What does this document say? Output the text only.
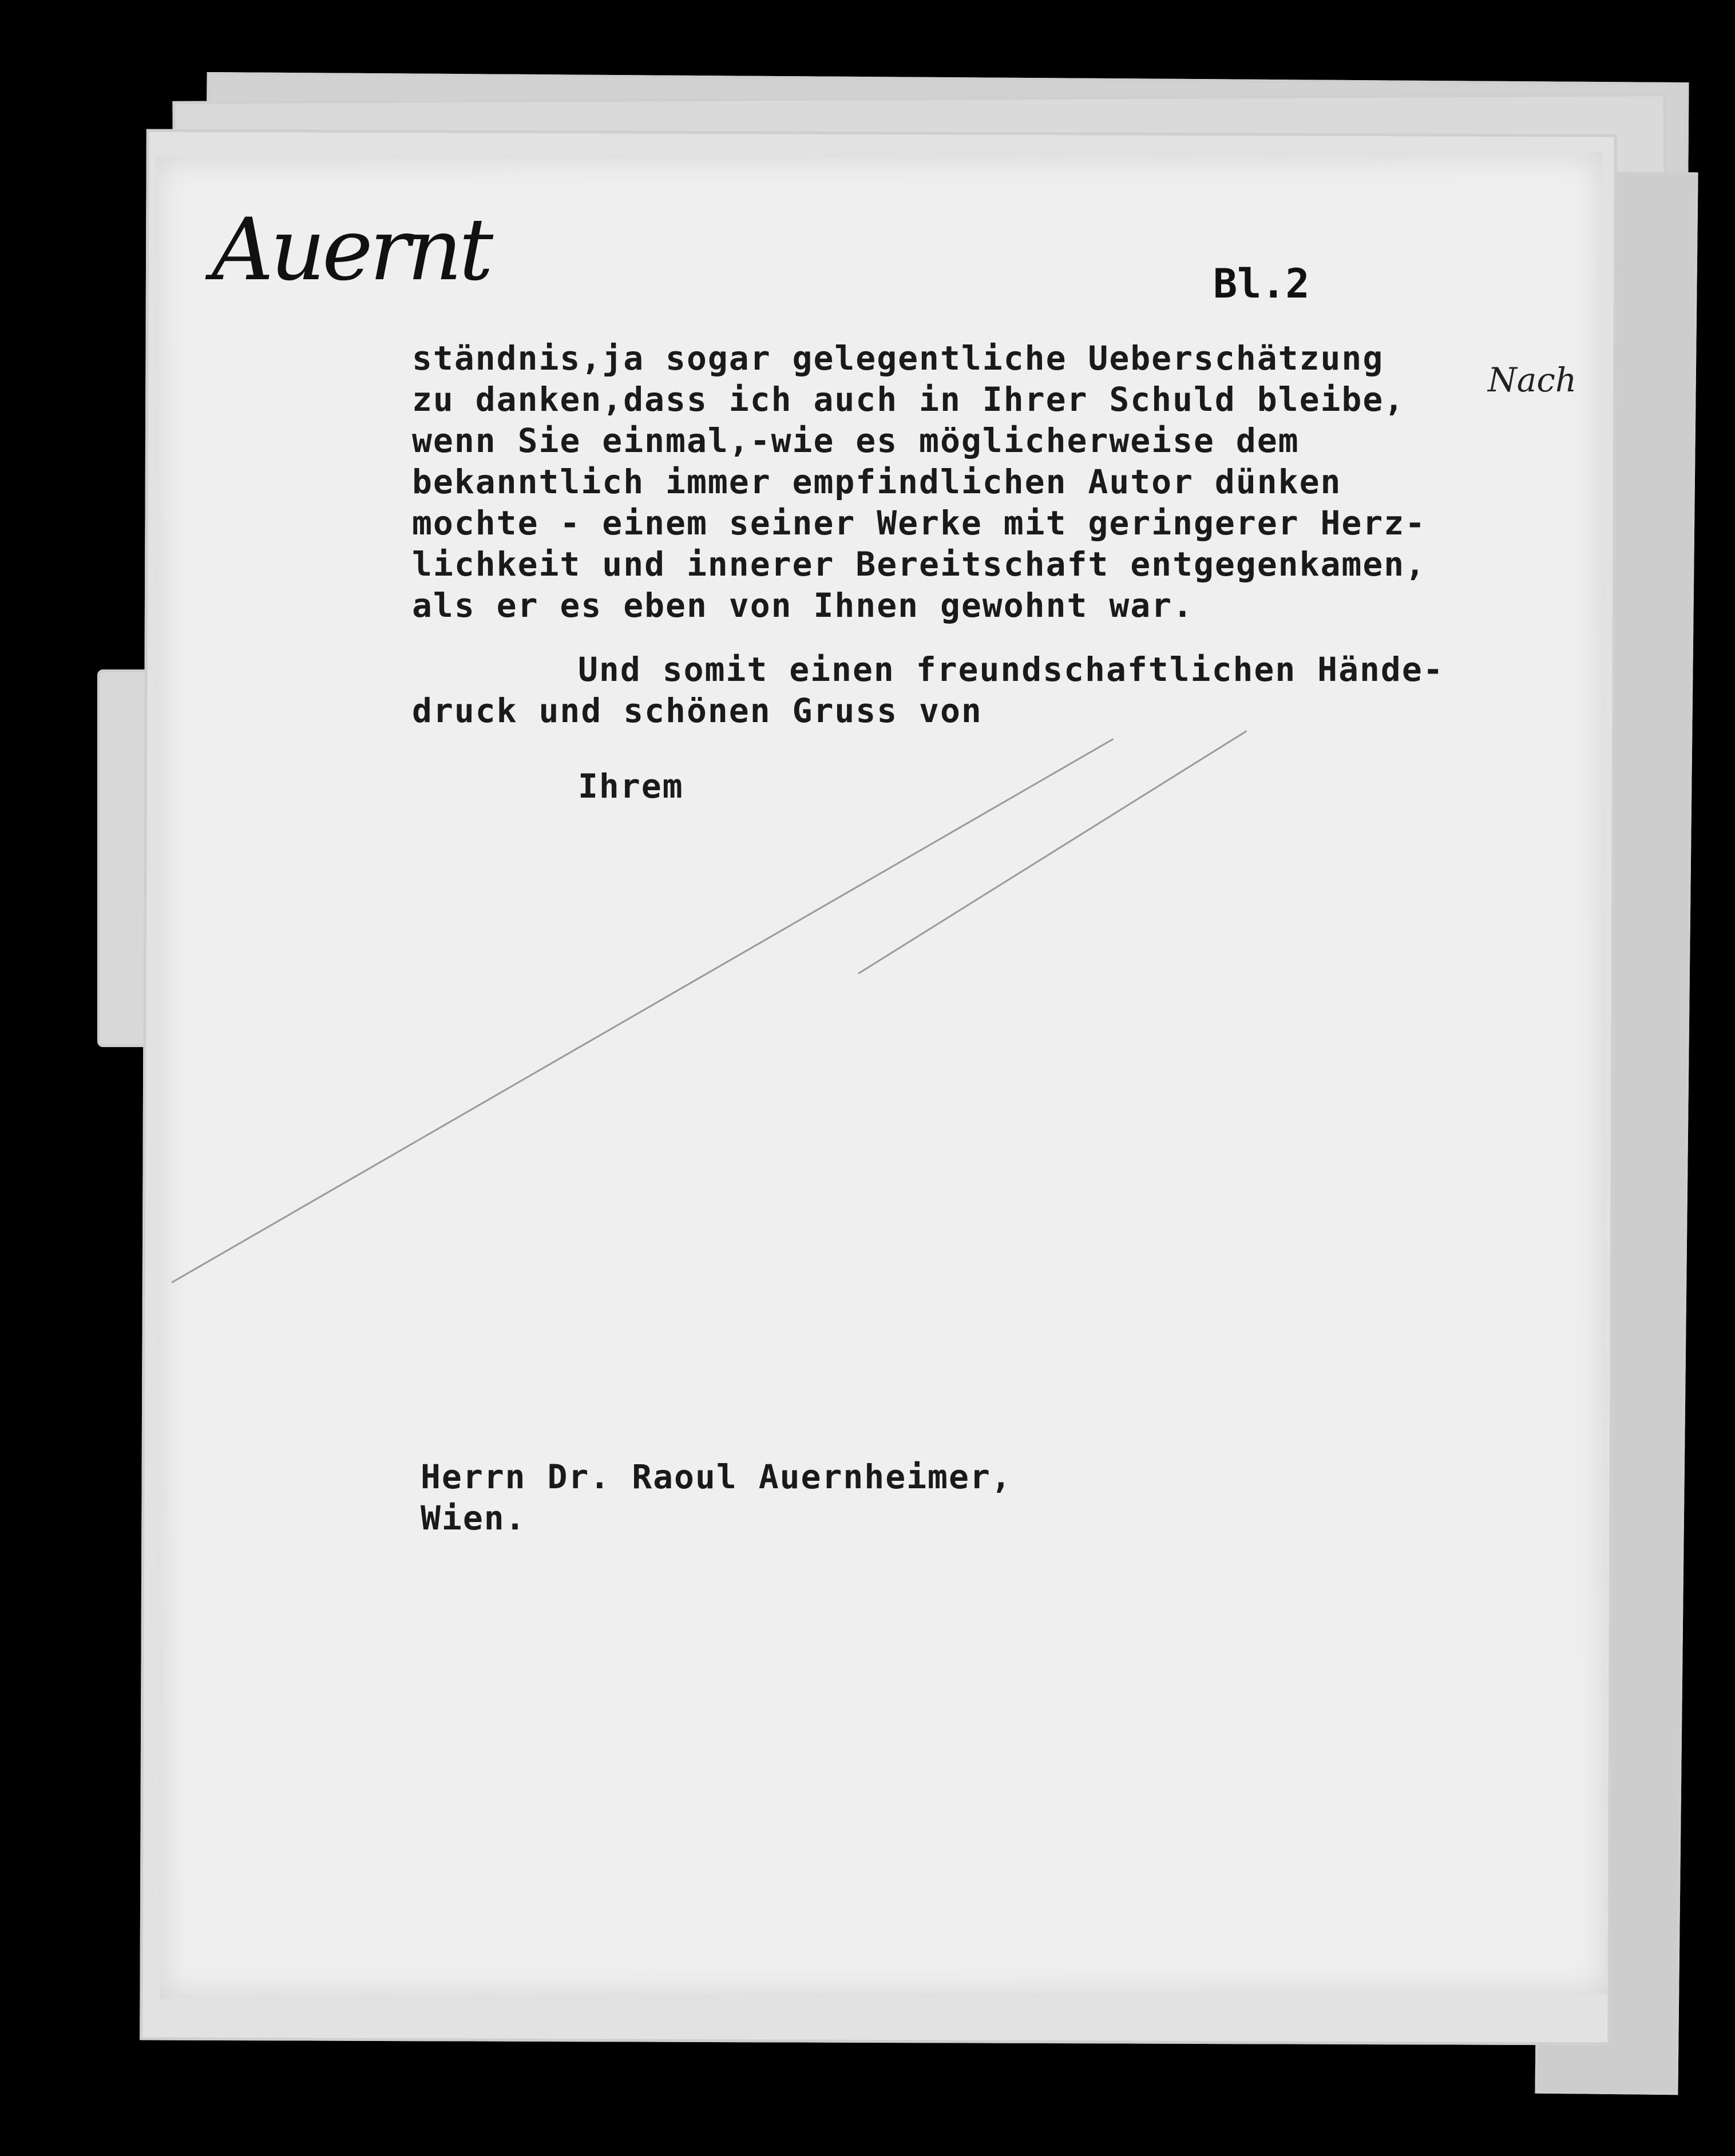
Auernt
Nach
Bl.2
ständnis,ja sogar gelegentliche Ueberschätzung
zu danken,dass ich auch in Ihrer Schuld bleibe,
wenn Sie einmal,-wie es möglicherweise dem
bekanntlich immer empfindlichen Autor dünken
mochte - einem seiner Werke mit geringerer Herz-
lichkeit und innerer Bereitschaft entgegenkamen,
als er es eben von Ihnen gewohnt war.
Und somit einen freundschaftlichen Hände-
druck und schönen Gruss von
Ihrem
Herrn Dr. Raoul Auernheimer,
Wien.
